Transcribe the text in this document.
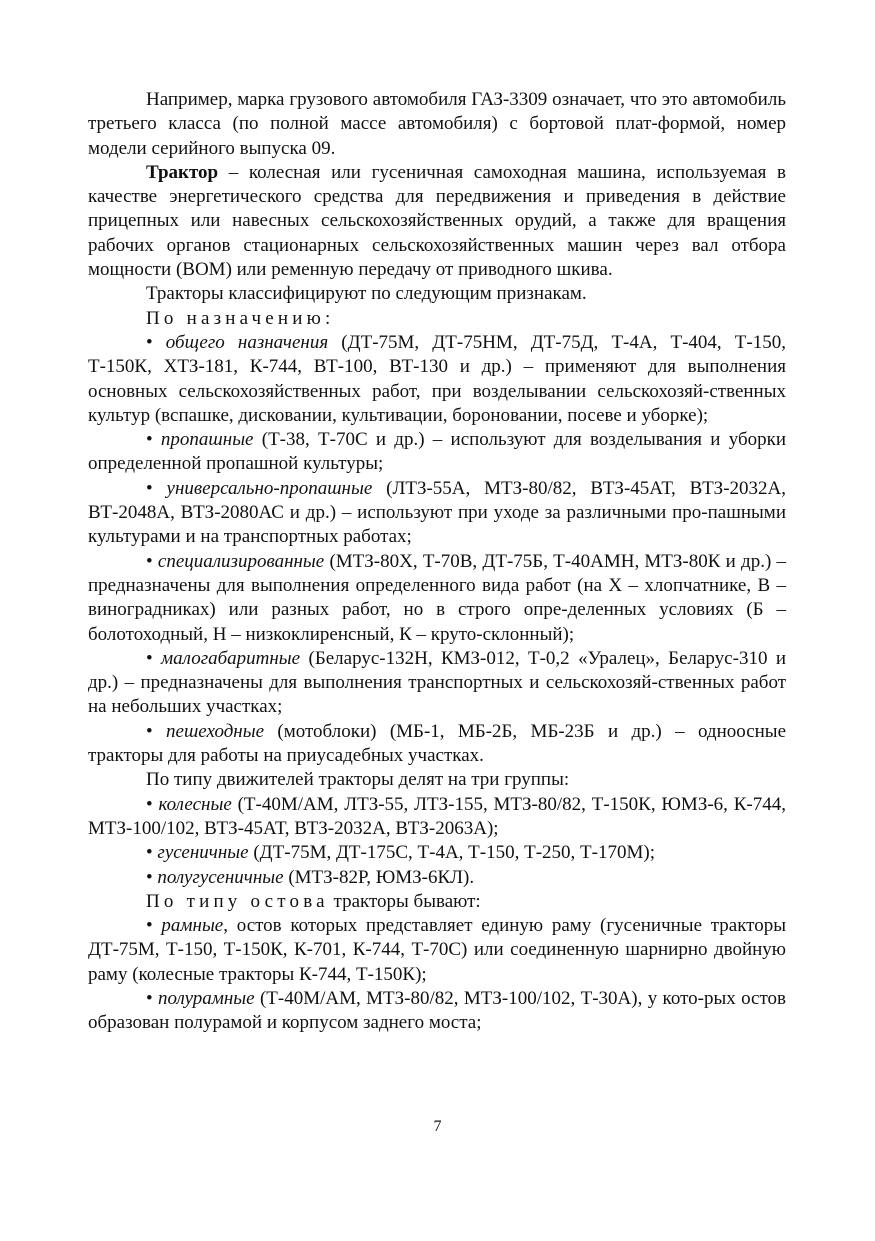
Например, марка грузового автомобиля ГАЗ-3309 означает, что это автомобиль третьего класса (по полной массе автомобиля) с бортовой плат-формой, номер модели серийного выпуска 09.

Трактор – колесная или гусеничная самоходная машина, используемая в качестве энергетического средства для передвижения и приведения в действие прицепных или навесных сельскохозяйственных орудий, а также для вращения рабочих органов стационарных сельскохозяйственных машин через вал отбора мощности (ВОМ) или ременную передачу от приводного шкива.

Тракторы классифицируют по следующим признакам.

По назначению:

• общего назначения (ДТ-75М, ДТ-75НМ, ДТ-75Д, Т-4А, Т-404, Т-150, Т-150К, ХТЗ-181, К-744, ВТ-100, ВТ-130 и др.) – применяют для выполнения основных сельскохозяйственных работ, при возделывании сельскохозяй-ственных культур (вспашке, дисковании, культивации, бороновании, посеве и уборке);

• пропашные (Т-38, Т-70С и др.) – используют для возделывания и уборки определенной пропашной культуры;

• универсально-пропашные (ЛТЗ-55А, МТЗ-80/82, ВТЗ-45АТ, ВТЗ-2032А, ВТ-2048А, ВТЗ-2080АС и др.) – используют при уходе за различными про-пашными культурами и на транспортных работах;

• специализированные (МТЗ-80Х, Т-70В, ДТ-75Б, Т-40АМН, МТЗ-80К и др.) – предназначены для выполнения определенного вида работ (на Х – хлопчатнике, В – виноградниках) или разных работ, но в строго опре-деленных условиях (Б – болотоходный, Н – низкоклиренсный, К – круто-склонный);

• малогабаритные (Беларус-132Н, КМЗ-012, Т-0,2 «Уралец», Беларус-310 и др.) – предназначены для выполнения транспортных и сельскохозяй-ственных работ на небольших участках;

• пешеходные (мотоблоки) (МБ-1, МБ-2Б, МБ-23Б и др.) – одноосные тракторы для работы на приусадебных участках.

По типу движителей тракторы делят на три группы:

• колесные (Т-40М/АМ, ЛТЗ-55, ЛТЗ-155, МТЗ-80/82, Т-150К, ЮМЗ-6, К-744, МТЗ-100/102, ВТЗ-45АТ, ВТЗ-2032А, ВТЗ-2063А);

• гусеничные (ДТ-75М, ДТ-175С, Т-4А, Т-150, Т-250, Т-170М);

• полугусеничные (МТЗ-82Р, ЮМЗ-6КЛ).

По типу остова тракторы бывают:

• рамные, остов которых представляет единую раму (гусеничные тракторы ДТ-75М, Т-150, Т-150К, К-701, К-744, Т-70С) или соединенную шарнирно двойную раму (колесные тракторы К-744, Т-150К);

• полурамные (Т-40М/АМ, МТЗ-80/82, МТЗ-100/102, Т-30А), у кото-рых остов образован полурамой и корпусом заднего моста;

7
